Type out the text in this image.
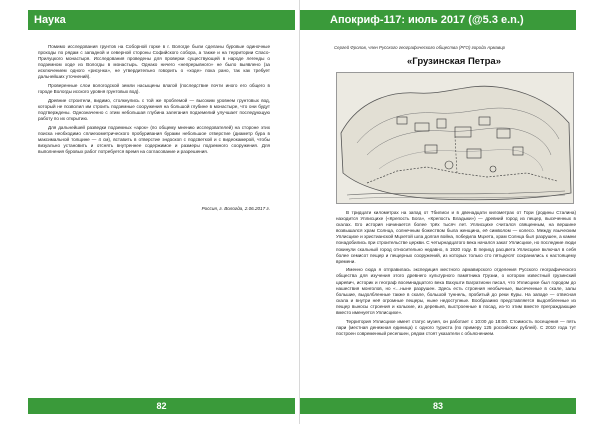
Наука

Помимо исследования грунтов на Соборной горке в г. Вологде были сделаны буровые одиночные проходы по рядам с западной и северной стороны Софийского собора, а также и на территории Спасо-Прилуцкого монастыря. Исследования проведены для проверки существующей в народе легенды о подземном ходе из Вологды в монастырь. Однако ничего «непрерывного» не было выявлено (за исключением одного «рисунка», не утвердительно говорить о «ходе» пока рано, так как требует дальнейших уточнений).

Проверенные слои вологодской земли насыщены влагой (последствие почти иного его общего в городе Вологды исского уровня грунтовых вод).

Древние строители, видимо, столкнулись с той же проблемой — высоким уровнем грунтовых вод, который не позволил им строить подземные сооружения на большой глубине в монастыре, что они будут подтверждены. Однозначенно с этим небольшая глубина залегания подземелий улучшает последующую работу по их открытию.

Для дальнейшей разведки подземных «арок» (по общему мнению исследователей) на стороне этих поиска необходимо сплиезометрического пробуривания бурами небольшое отверстие (диаметр бура в максимальной толщине — 4 см), вставить в отверстие эндоскоп с подсветкой и с видеокамерой, чтобы визуально установить и отснять внутреннее содержимое и размеры подземного сооружения. Для выполнения буровых работ потребуется время на согласование и разрешения.

Россия, г. Вологда, 2.06.2017 г.
82
Апокриф-117: июль 2017 (@5.3 e.n.)
Сергей Фролов, член Русского географического общества (РГО) города Армавир
«Грузинская Петра»

В тридцати километрах на запад от Тбилиси и в двенадцати километрах от Гори (родины Сталина) находится Уплисцихе («Крепость Бога», «Крепость Владыки») — древний город из пещер, высеченных в скалах. Его история начинается более трёх тысяч лет. Уплисцихе считался священным, на вершине возвышался храм Солнца, солнечным божеством была женщина, её символом — колесо. Между языческим Уплисцихе и христианской Мцхетой шла долгая война, победила Мцхета, храм Солнца был разрушен, а камни понадобились при строительстве церкви. С четырнадцатого века начался закат Уплисцихе, но последние люди покинули скальный город относительно недавно, в 1920 году. В период расцвета Уплисцихе включал в себя более семисот пещер и пещерных сооружений, из которых только сто пятьдесят сохранились к настоящему времени.

Именно сюда я отправилась экспедиция местного армавирского отделения Русского географического общества для изучения этого древнего культурного памятника Грузии, о котором известный грузинский царевич, историк и географ восемнадцатого века Вахушти Багратиони писал, что Уплисцихе был городом до нашествия монголов, но «…ныне разрушен. Здесь есть строения необычные, высеченные в скале, залы большие, выдолбленные также в скале, большой туннель, пробитый до реки Куры. На западе — отвесная скала и внутри неё огромные пещеры, ныне недоступные. Вообразимо представляется выдолбленные из пещер выносы строения и колыхие, из деревьев, выстроенные в посад, из-то этим вместе преграждающие вместо именуется Уплисцихе».

Территория Уплисцихе имеет статус музея, он работает с 10:00 до 18:00. Стоимость посещения — пять лари (местная денежная единица) с одного туриста (по примеру 125 российских рублей). С 2010 года тут построен современный ресепшен, рядом стоят указатели с объяснением.

83
